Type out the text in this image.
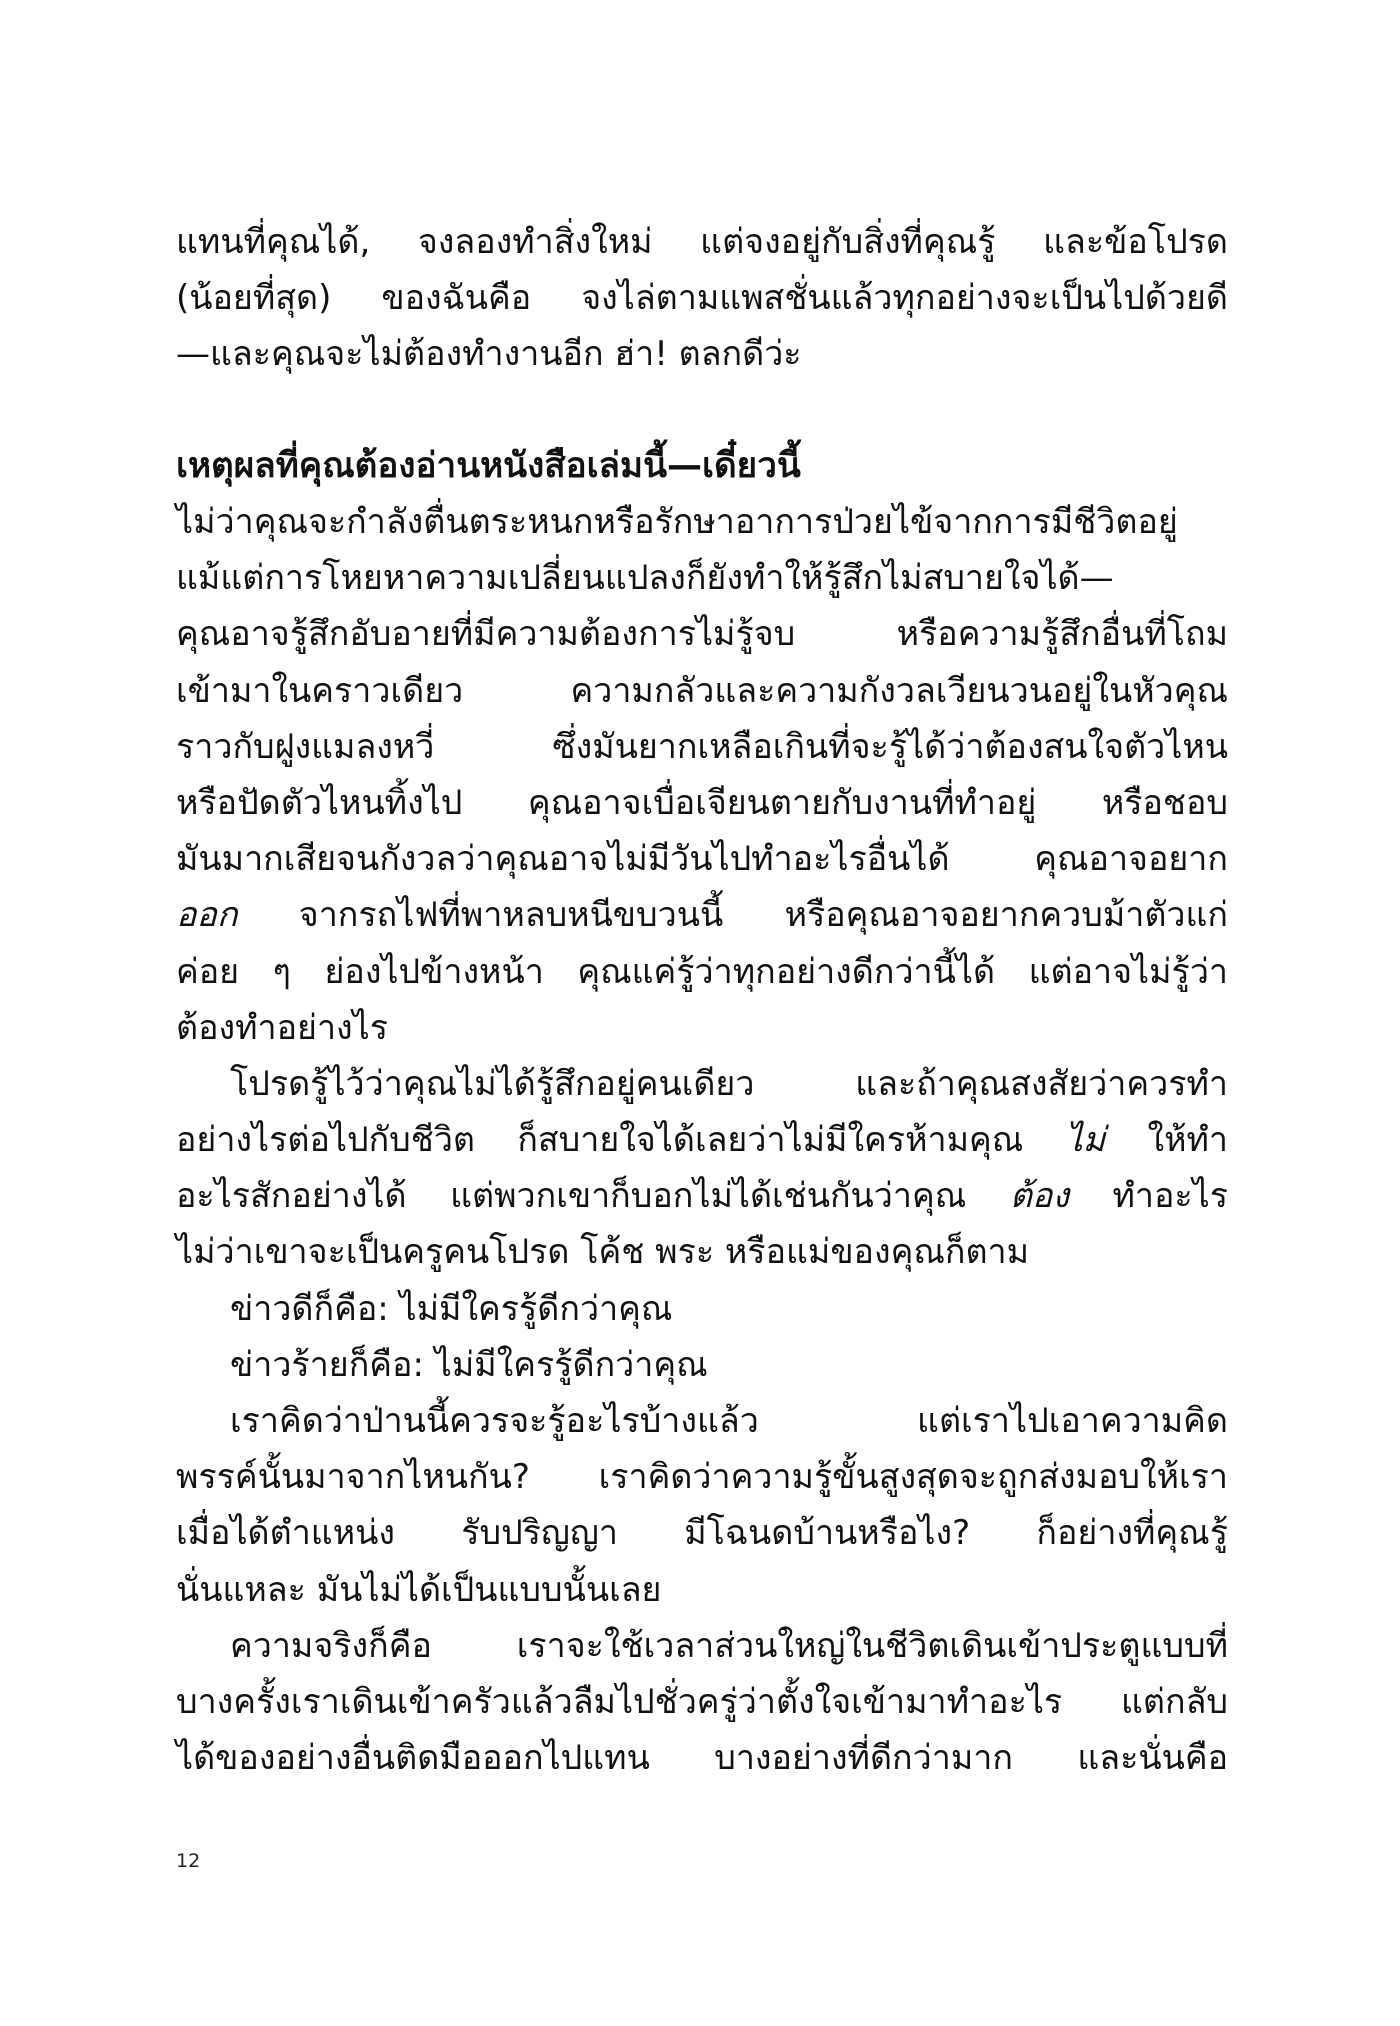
แทนที่คุณได้, จงลองทำสิ่งใหม่ แต่จงอยู่กับสิ่งที่คุณรู้ และข้อโปรด
(น้อยที่สุด) ของฉันคือ จงไล่ตามแพสชั่นแล้วทุกอย่างจะเป็นไปด้วยดี
—และคุณจะไม่ต้องทำงานอีก ฮ่า! ตลกดีว่ะ
เหตุผลที่คุณต้องอ่านหนังสือเล่มนี้—เดี๋ยวนี้
ไม่ว่าคุณจะกำลังตื่นตระหนกหรือรักษาอาการป่วยไข้จากการมีชีวิตอยู่
แม้แต่การโหยหาความเปลี่ยนแปลงก็ยังทำให้รู้สึกไม่สบายใจได้—
คุณอาจรู้สึกอับอายที่มีความต้องการไม่รู้จบ หรือความรู้สึกอื่นที่โถม
เข้ามาในคราวเดียว ความกลัวและความกังวลเวียนวนอยู่ในหัวคุณ
ราวกับฝูงแมลงหวี่ ซึ่งมันยากเหลือเกินที่จะรู้ได้ว่าต้องสนใจตัวไหน
หรือปัดตัวไหนทิ้งไป คุณอาจเบื่อเจียนตายกับงานที่ทำอยู่ หรือชอบ
มันมากเสียจนกังวลว่าคุณอาจไม่มีวันไปทำอะไรอื่นได้ คุณอาจอยาก
ออก จากรถไฟที่พาหลบหนีขบวนนี้ หรือคุณอาจอยากควบม้าตัวแก่
ค่อย ๆ ย่องไปข้างหน้า คุณแค่รู้ว่าทุกอย่างดีกว่านี้ได้ แต่อาจไม่รู้ว่า
ต้องทำอย่างไร
โปรดรู้ไว้ว่าคุณไม่ได้รู้สึกอยู่คนเดียว และถ้าคุณสงสัยว่าควรทำ
อย่างไรต่อไปกับชีวิต ก็สบายใจได้เลยว่าไม่มีใครห้ามคุณ ไม่ ให้ทำ
อะไรสักอย่างได้ แต่พวกเขาก็บอกไม่ได้เช่นกันว่าคุณ ต้อง ทำอะไร
ไม่ว่าเขาจะเป็นครูคนโปรด โค้ช พระ หรือแม่ของคุณก็ตาม
ข่าวดีก็คือ: ไม่มีใครรู้ดีกว่าคุณ
ข่าวร้ายก็คือ: ไม่มีใครรู้ดีกว่าคุณ
เราคิดว่าป่านนี้ควรจะรู้อะไรบ้างแล้ว แต่เราไปเอาความคิด
พรรค์นั้นมาจากไหนกัน? เราคิดว่าความรู้ขั้นสูงสุดจะถูกส่งมอบให้เรา
เมื่อได้ตำแหน่ง รับปริญญา มีโฉนดบ้านหรือไง? ก็อย่างที่คุณรู้
นั่นแหละ มันไม่ได้เป็นแบบนั้นเลย
ความจริงก็คือ เราจะใช้เวลาส่วนใหญ่ในชีวิตเดินเข้าประตูแบบที่
บางครั้งเราเดินเข้าครัวแล้วลืมไปชั่วครู่ว่าตั้งใจเข้ามาทำอะไร แต่กลับ
ได้ของอย่างอื่นติดมือออกไปแทน บางอย่างที่ดีกว่ามาก และนั่นคือ
12
